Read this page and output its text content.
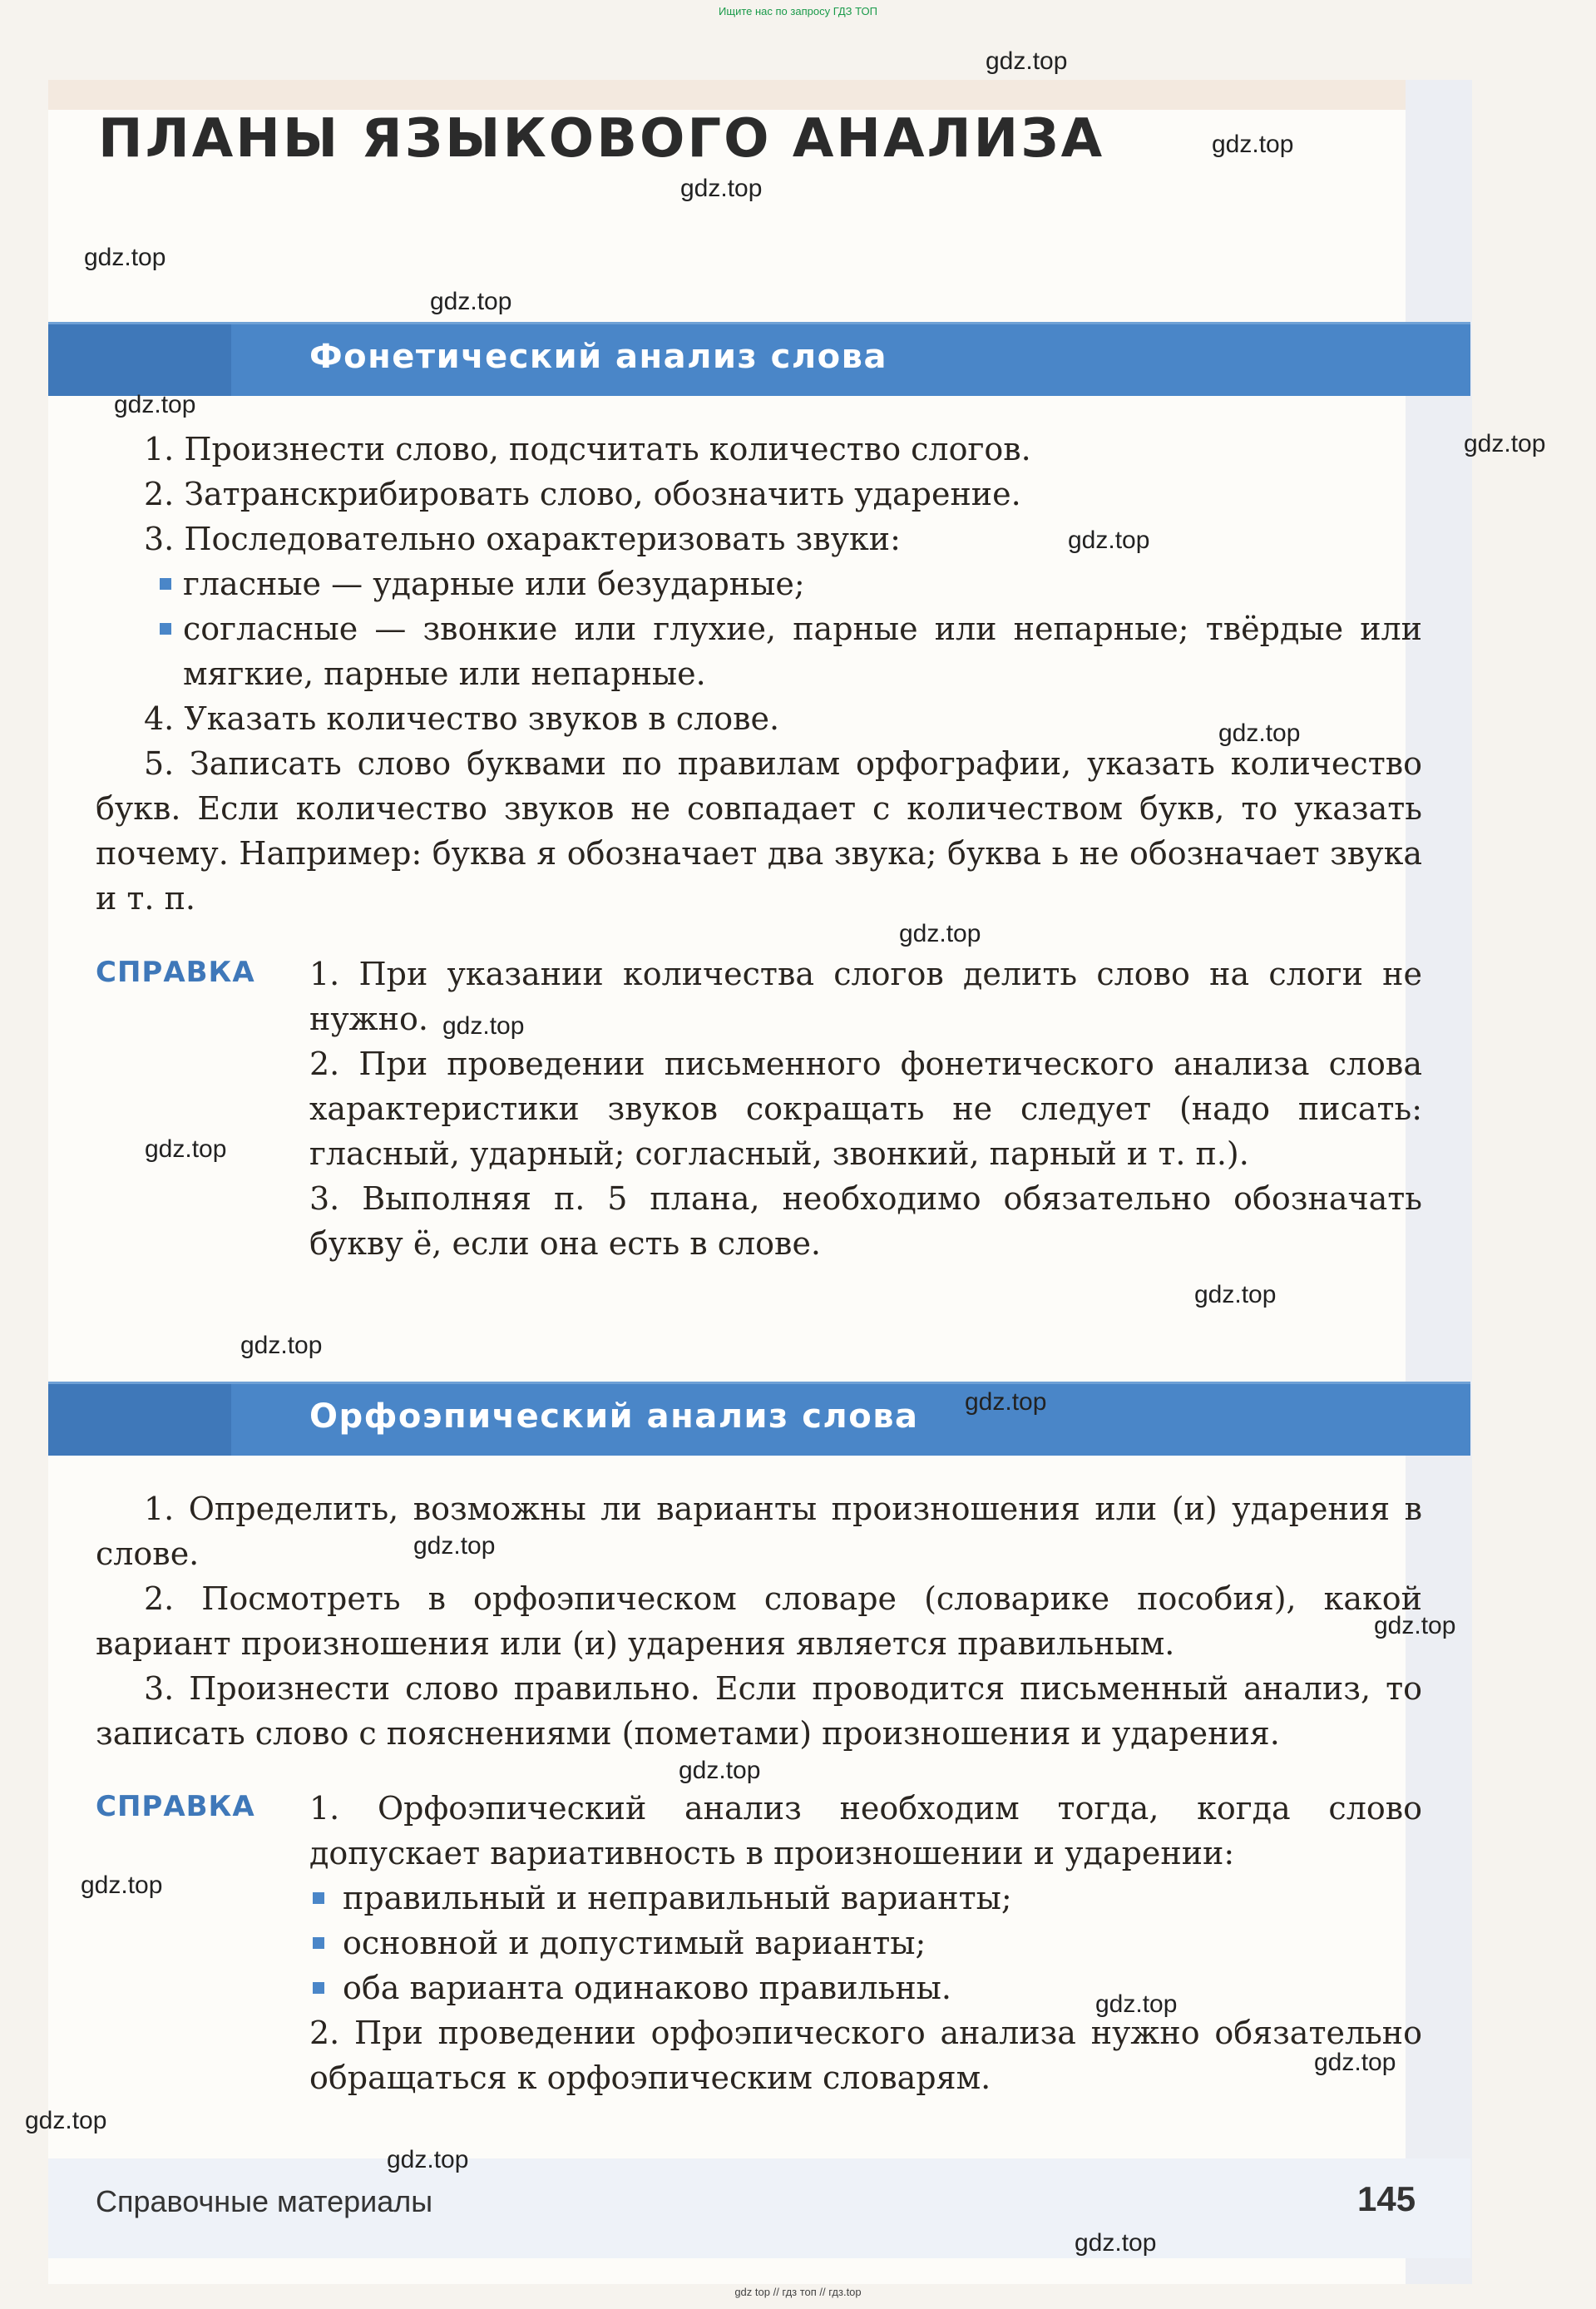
Ищите нас по запросу ГДЗ ТОП
ПЛАНЫ ЯЗЫКОВОГО АНАЛИЗА
Фонетический анализ слова

1. Произнести слово, подсчитать количество слогов.

2. Затранскрибировать слово, обозначить ударение.

3. Последовательно охарактеризовать звуки:

гласные — ударные или безударные;

согласные — звонкие или глухие, парные или непарные; твёрдые или мягкие, парные или непарные.

4. Указать количество звуков в слове.

5. Записать слово буквами по правилам орфографии, указать количество букв. Если количество звуков не совпадает с количеством букв, то указать почему. Например: буква я обозначает два звука; буква ь не обозначает звука и т. п.

СПРАВКА 1. При указании количества слогов делить слово на слоги не нужно.

2. При проведении письменного фонетического анализа слова характеристики звуков сокращать не следует (надо писать: гласный, ударный; согласный, звонкий, парный и т. п.).

3. Выполняя п. 5 плана, необходимо обязательно обозначать букву ё, если она есть в слове.

Орфоэпический анализ слова

1. Определить, возможны ли варианты произношения или (и) ударения в слове.

2. Посмотреть в орфоэпическом словаре (словарике пособия), какой вариант произношения или (и) ударения является правильным.

3. Произнести слово правильно. Если проводится письменный анализ, то записать слово с пояснениями (пометами) произношения и ударения.

СПРАВКА 1. Орфоэпический анализ необходим тогда, когда слово допускает вариативность в произношении и ударении:

правильный и неправильный варианты;

основной и допустимый варианты;

оба варианта одинаково правильны.

2. При проведении орфоэпического анализа нужно обязательно обращаться к орфоэпическим словарям.

Справочные материалы	145
gdz.top
gdz.top
gdz.top
gdz.top
gdz.top
gdz.top
gdz.top
gdz.top
gdz.top
gdz.top
gdz.top
gdz.top
gdz.top
gdz.top
gdz.top
gdz.top
gdz.top
gdz.top
gdz.top
gdz.top
gdz.top
gdz.top
gdz.top
gdz.top
gdz top // гдз топ // гдз.top
